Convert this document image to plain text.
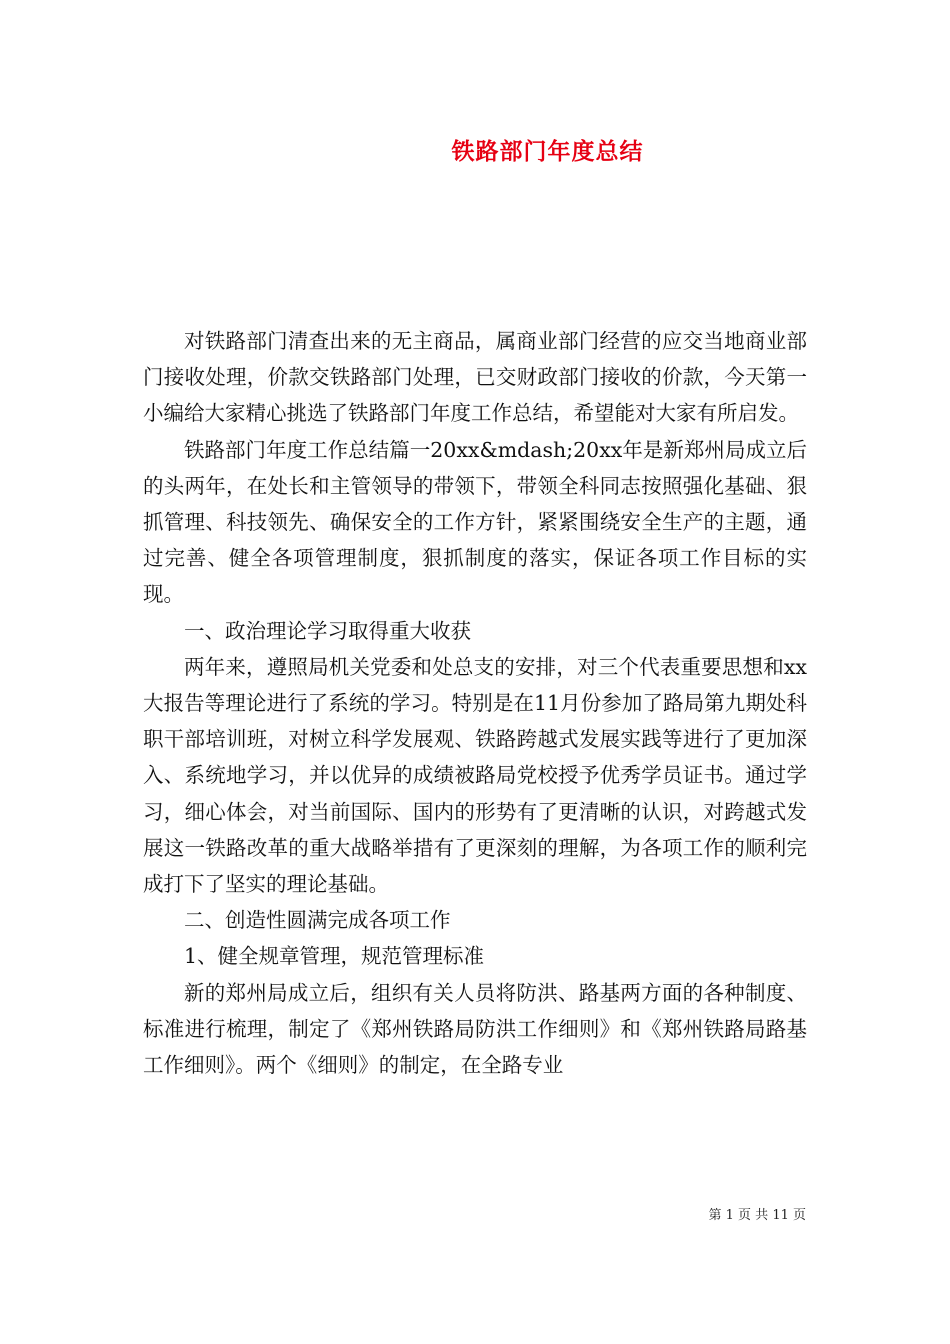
铁路部门年度总结

对铁路部门清查出来的无主商品，属商业部门经营的应交当地商业部门接收处理，价款交铁路部门处理，已交财政部门接收的价款，今天第一小编给大家精心挑选了铁路部门年度工作总结，希望能对大家有所启发。

铁路部门年度工作总结篇一20xx&mdash;20xx年是新郑州局成立后的头两年，在处长和主管领导的带领下，带领全科同志按照强化基础、狠抓管理、科技领先、确保安全的工作方针，紧紧围绕安全生产的主题，通过完善、健全各项管理制度，狠抓制度的落实，保证各项工作目标的实现。

一、政治理论学习取得重大收获

两年来，遵照局机关党委和处总支的安排，对三个代表重要思想和xx大报告等理论进行了系统的学习。特别是在11月份参加了路局第九期处科职干部培训班，对树立科学发展观、铁路跨越式发展实践等进行了更加深入、系统地学习，并以优异的成绩被路局党校授予优秀学员证书。通过学习，细心体会，对当前国际、国内的形势有了更清晰的认识，对跨越式发展这一铁路改革的重大战略举措有了更深刻的理解，为各项工作的顺利完成打下了坚实的理论基础。

二、创造性圆满完成各项工作

1、健全规章管理，规范管理标准

新的郑州局成立后，组织有关人员将防洪、路基两方面的各种制度、标准进行梳理，制定了《郑州铁路局防洪工作细则》和《郑州铁路局路基工作细则》。两个《细则》的制定，在全路专业

第 1 页 共 11 页
